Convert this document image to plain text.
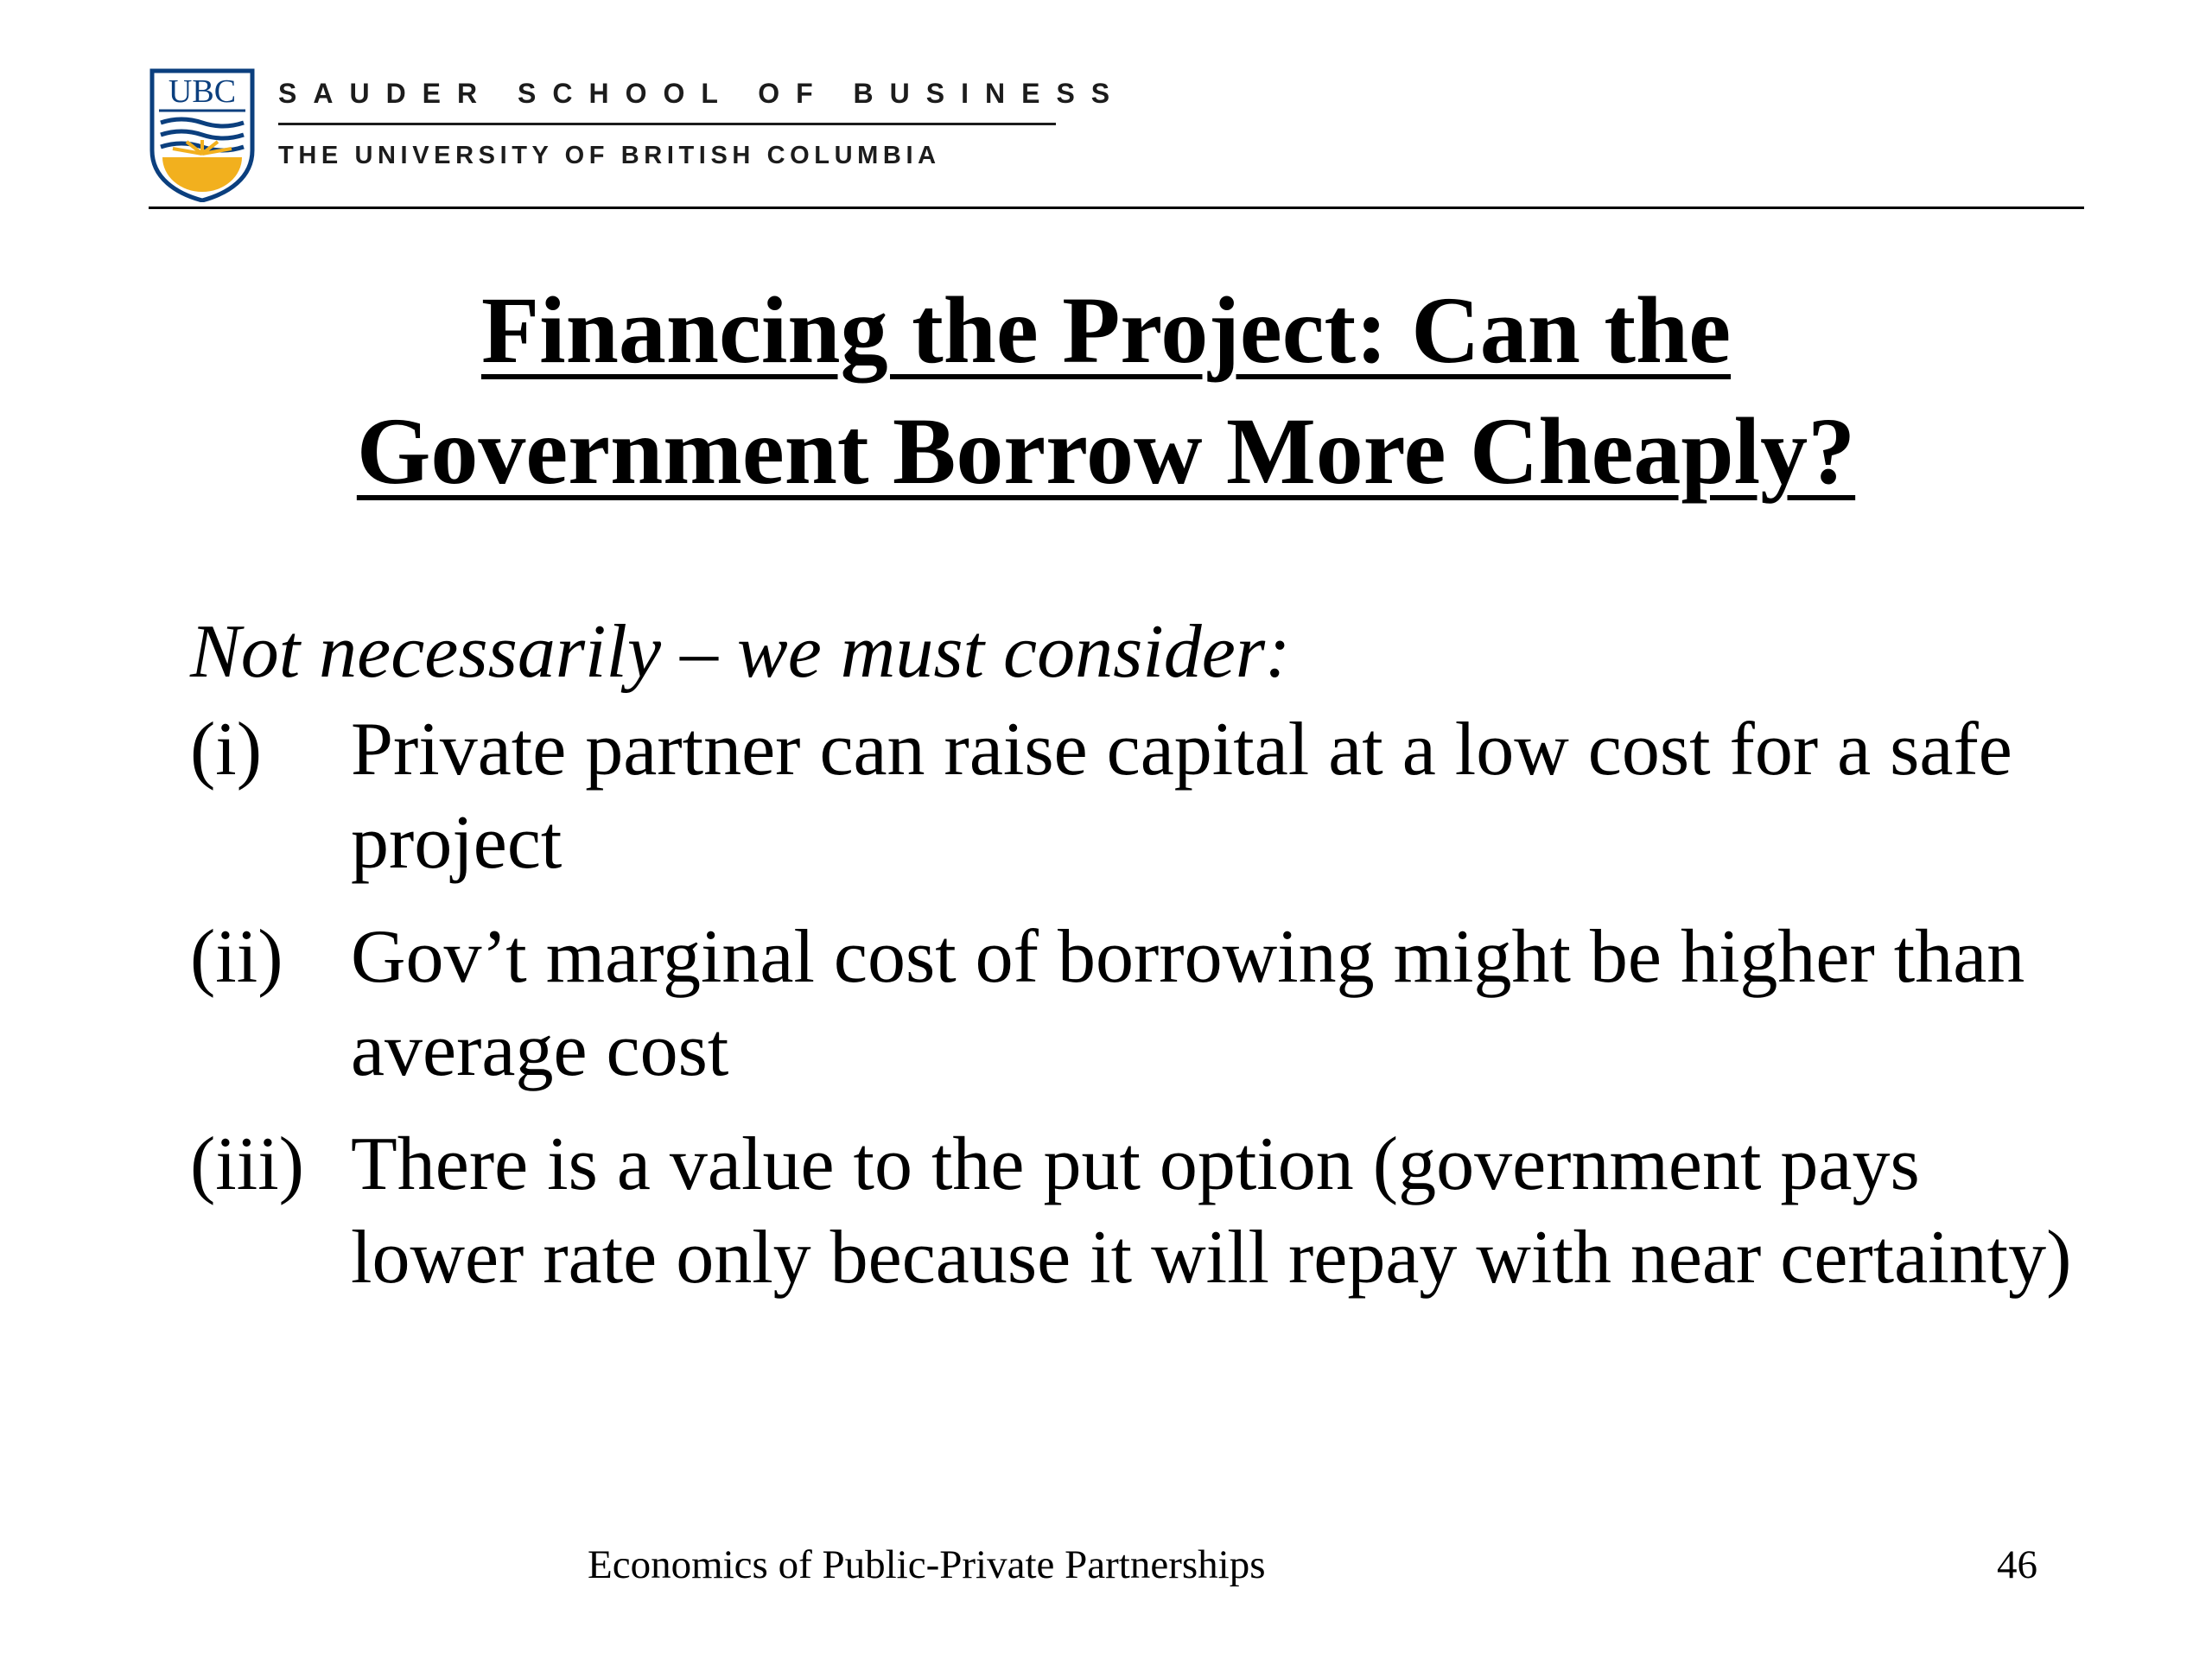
UBC SAUDER SCHOOL OF BUSINESS
THE UNIVERSITY OF BRITISH COLUMBIA
Financing the Project: Can the
Government Borrow More Cheaply?
Not necessarily – we must consider:
(i) Private partner can raise capital at a low cost for a safe project
(ii) Gov’t marginal cost of borrowing might be higher than average cost
(iii) There is a value to the put option (government pays lower rate only because it will repay with near certainty)
Economics of Public-Private Partnerships	46
